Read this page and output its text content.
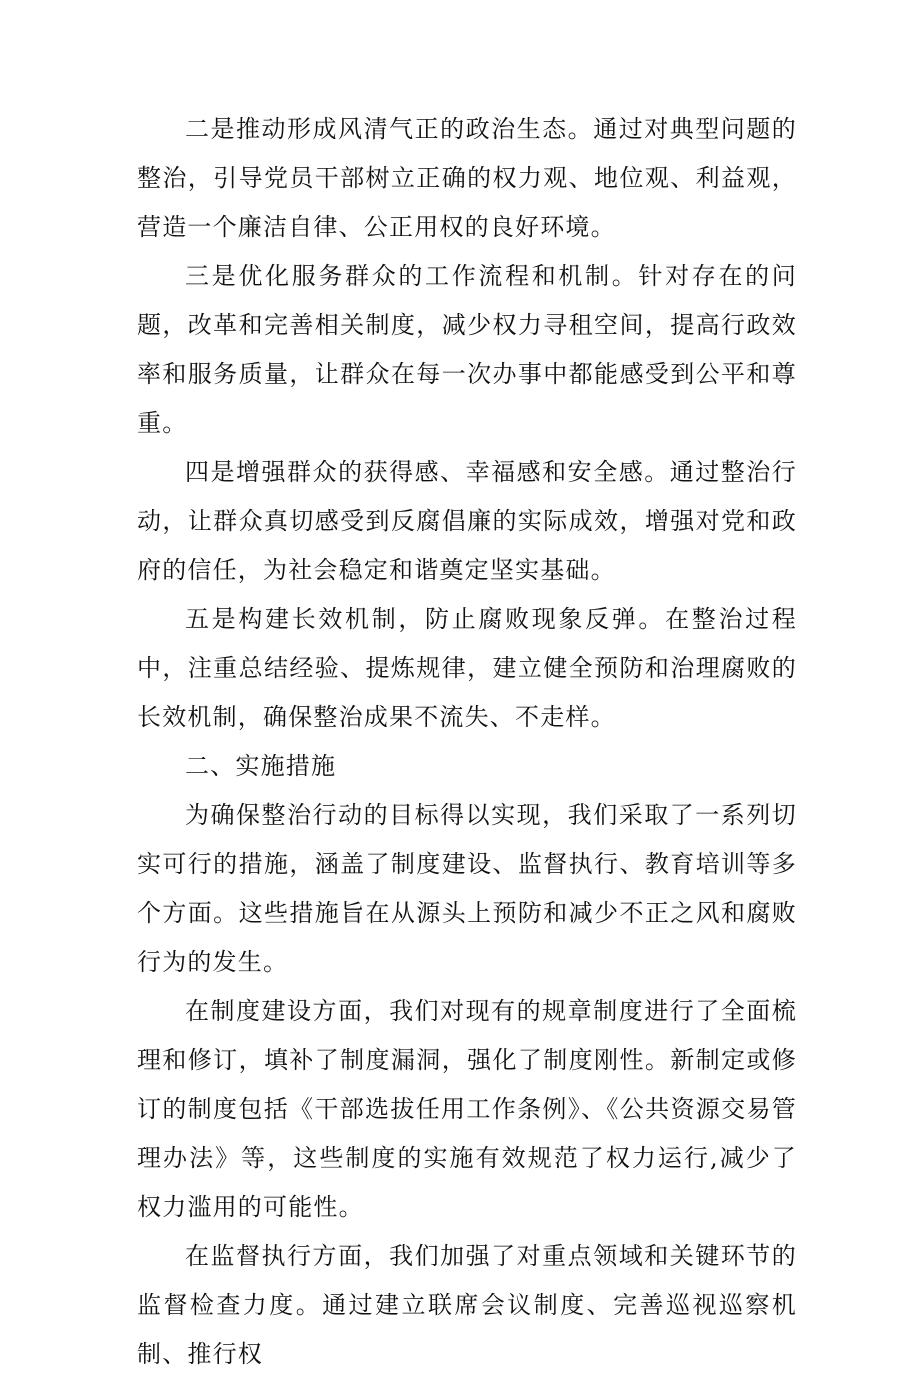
二是推动形成风清气正的政治生态。通过对典型问题的整治，引导党员干部树立正确的权力观、地位观、利益观，营造一个廉洁自律、公正用权的良好环境。

三是优化服务群众的工作流程和机制。针对存在的问题，改革和完善相关制度，减少权力寻租空间，提高行政效率和服务质量，让群众在每一次办事中都能感受到公平和尊重。

四是增强群众的获得感、幸福感和安全感。通过整治行动，让群众真切感受到反腐倡廉的实际成效，增强对党和政府的信任，为社会稳定和谐奠定坚实基础。

五是构建长效机制，防止腐败现象反弹。在整治过程中，注重总结经验、提炼规律，建立健全预防和治理腐败的长效机制，确保整治成果不流失、不走样。

二、实施措施

为确保整治行动的目标得以实现，我们采取了一系列切实可行的措施，涵盖了制度建设、监督执行、教育培训等多个方面。这些措施旨在从源头上预防和减少不正之风和腐败行为的发生。

在制度建设方面，我们对现有的规章制度进行了全面梳理和修订，填补了制度漏洞，强化了制度刚性。新制定或修订的制度包括《干部选拔任用工作条例》、《公共资源交易管理办法》等，这些制度的实施有效规范了权力运行,减少了权力滥用的可能性。

在监督执行方面，我们加强了对重点领域和关键环节的监督检查力度。通过建立联席会议制度、完善巡视巡察机制、推行权
